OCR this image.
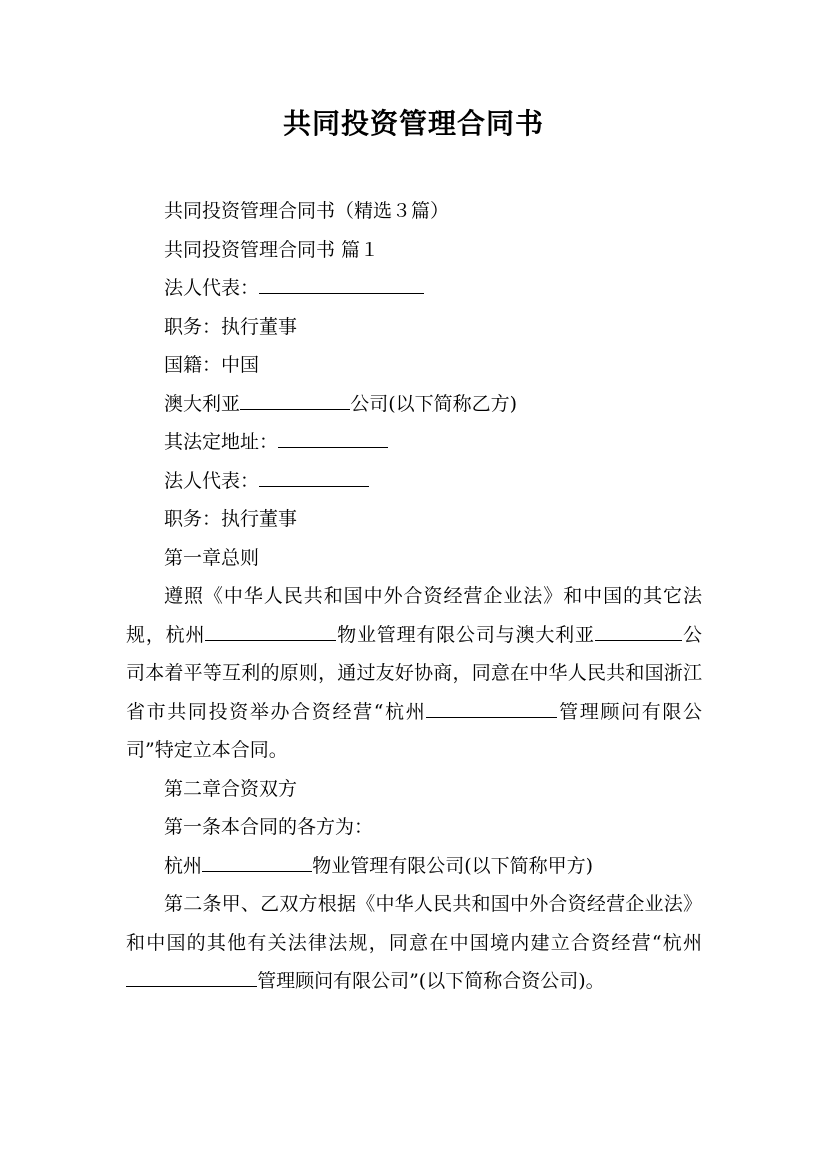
共同投资管理合同书

共同投资管理合同书（精选３篇）

共同投资管理合同书 篇１

法人代表：

职务：执行董事

国籍：中国

澳大利亚	公司(以下简称乙方)

其法定地址：

法人代表：

职务：执行董事

第一章总则

遵照《中华人民共和国中外合资经营企业法》和中国的其它法规，杭州	物业管理有限公司与澳大利亚	公司本着平等互利的原则，通过友好协商，同意在中华人民共和国浙江省市共同投资举办合资经营“杭州	管理顾问有限公司”特定立本合同。

第二章合资双方

第一条本合同的各方为：

杭州	物业管理有限公司(以下简称甲方)

第二条甲、乙双方根据《中华人民共和国中外合资经营企业法》和中国的其他有关法律法规，同意在中国境内建立合资经营“杭州管理顾问有限公司”(以下简称合资公司)。
